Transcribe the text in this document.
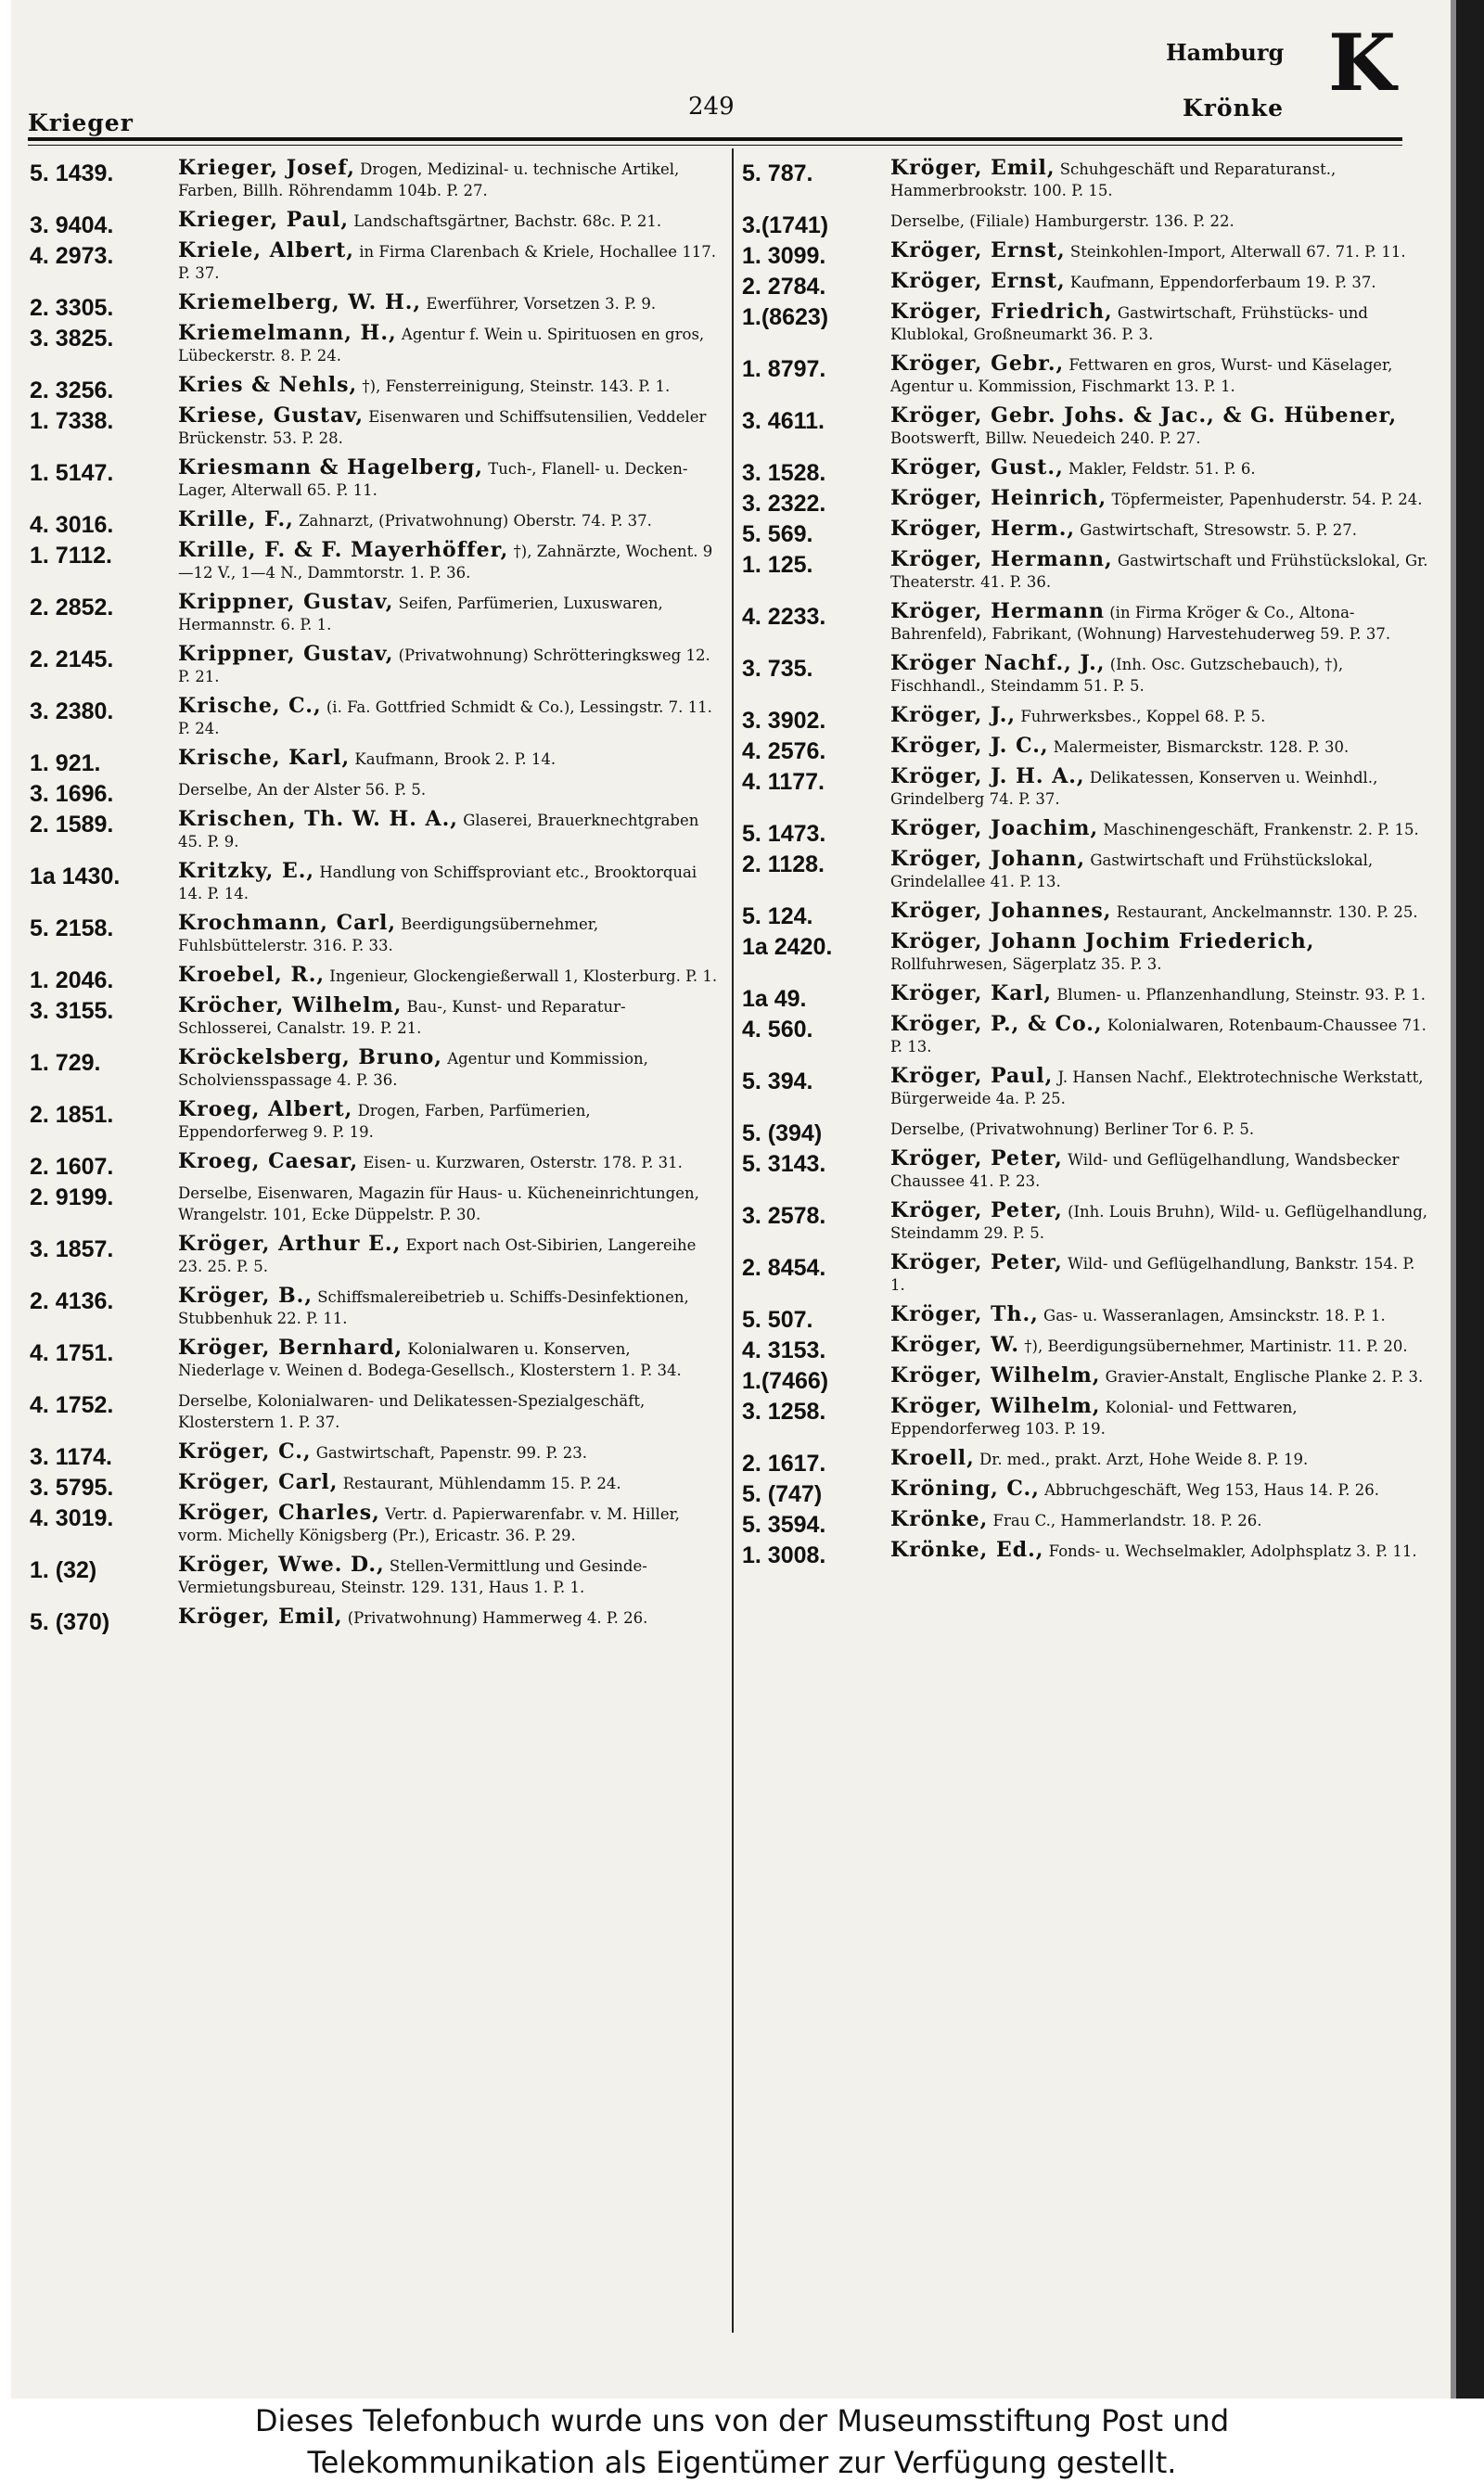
Krieger
249
Hamburg
Krönke K
5. 1439.	Krieger, Josef, Drogen, Medizinal- u. technische Artikel, Farben, Billh. Röhrendamm 104b. P. 27.
3. 9404.	Krieger, Paul, Landschaftsgärtner, Bachstr. 68c. P. 21.
4. 2973.	Kriele, Albert, in Firma Clarenbach & Kriele, Hochallee 117. P. 37.
2. 3305.	Kriemelberg, W. H., Ewerführer, Vorsetzen 3. P. 9.
3. 3825.	Kriemelmann, H., Agentur f. Wein u. Spirituosen en gros, Lübeckerstr. 8. P. 24.
2. 3256.	Kries & Nehls, †), Fensterreinigung, Steinstr. 143. P. 1.
1. 7338.	Kriese, Gustav, Eisenwaren und Schiffsutensilien, Veddeler Brückenstr. 53. P. 28.
1. 5147.	Kriesmann & Hagelberg, Tuch-, Flanell- u. Decken-Lager, Alterwall 65. P. 11.
4. 3016.	Krille, F., Zahnarzt, (Privatwohnung) Oberstr. 74. P. 37.
1. 7112.	Krille, F. & F. Mayerhöffer, †), Zahnärzte, Wochent. 9—12 V., 1—4 N., Dammtorstr. 1. P. 36.
2. 2852.	Krippner, Gustav, Seifen, Parfümerien, Luxuswaren, Hermannstr. 6. P. 1.
2. 2145.	Krippner, Gustav, (Privatwohnung) Schrötteringksweg 12. P. 21.
3. 2380.	Krische, C., (i. Fa. Gottfried Schmidt & Co.), Lessingstr. 7. 11. P. 24.
1. 921.	Krische, Karl, Kaufmann, Brook 2. P. 14.
3. 1696.	Derselbe, An der Alster 56. P. 5.
2. 1589.	Krischen, Th. W. H. A., Glaserei, Brauerknechtgraben 45. P. 9.
1a 1430.	Kritzky, E., Handlung von Schiffsproviant etc., Brooktorquai 14. P. 14.
5. 2158.	Krochmann, Carl, Beerdigungsübernehmer, Fuhlsbüttelerstr. 316. P. 33.
1. 2046.	Kroebel, R., Ingenieur, Glockengießerwall 1, Klosterburg. P. 1.
3. 3155.	Kröcher, Wilhelm, Bau-, Kunst- und Reparatur-Schlosserei, Canalstr. 19. P. 21.
1. 729.	Kröckelsberg, Bruno, Agentur und Kommission, Scholviensspassage 4. P. 36.
2. 1851.	Kroeg, Albert, Drogen, Farben, Parfümerien, Eppendorferweg 9. P. 19.
2. 1607.	Kroeg, Caesar, Eisen- u. Kurzwaren, Osterstr. 178. P. 31.
2. 9199.	Derselbe, Eisenwaren, Magazin für Haus- u. Kücheneinrichtungen, Wrangelstr. 101, Ecke Düppelstr. P. 30.
3. 1857.	Kröger, Arthur E., Export nach Ost-Sibirien, Langereihe 23. 25. P. 5.
2. 4136.	Kröger, B., Schiffsmalereibetrieb u. Schiffs-Desinfektionen, Stubbenhuk 22. P. 11.
4. 1751.	Kröger, Bernhard, Kolonialwaren u. Konserven, Niederlage v. Weinen d. Bodega-Gesellsch., Klosterstern 1. P. 34.
4. 1752.	Derselbe, Kolonialwaren- und Delikatessen-Spezialgeschäft, Klosterstern 1. P. 37.
3. 1174.	Kröger, C., Gastwirtschaft, Papenstr. 99. P. 23.
3. 5795.	Kröger, Carl, Restaurant, Mühlendamm 15. P. 24.
4. 3019.	Kröger, Charles, Vertr. d. Papierwarenfabr. v. M. Hiller, vorm. Michelly Königsberg (Pr.), Ericastr. 36. P. 29.
1. (32)	Kröger, Wwe. D., Stellen-Vermittlung und Gesinde-Vermietungsbureau, Steinstr. 129. 131, Haus 1. P. 1.
5. (370)	Kröger, Emil, (Privatwohnung) Hammerweg 4. P. 26.
5. 787.	Kröger, Emil, Schuhgeschäft und Reparaturanst., Hammerbrookstr. 100. P. 15.
3.(1741)	Derselbe, (Filiale) Hamburgerstr. 136. P. 22.
1. 3099.	Kröger, Ernst, Steinkohlen-Import, Alterwall 67. 71. P. 11.
2. 2784.	Kröger, Ernst, Kaufmann, Eppendorferbaum 19. P. 37.
1.(8623)	Kröger, Friedrich, Gastwirtschaft, Frühstücks- und Klublokal, Großneumarkt 36. P. 3.
1. 8797.	Kröger, Gebr., Fettwaren en gros, Wurst- und Käselager, Agentur u. Kommission, Fischmarkt 13. P. 1.
3. 4611.	Kröger, Gebr. Johs. & Jac., & G. Hübener, Bootswerft, Billw. Neuedeich 240. P. 27.
3. 1528.	Kröger, Gust., Makler, Feldstr. 51. P. 6.
3. 2322.	Kröger, Heinrich, Töpfermeister, Papenhuderstr. 54. P. 24.
5. 569.	Kröger, Herm., Gastwirtschaft, Stresowstr. 5. P. 27.
1. 125.	Kröger, Hermann, Gastwirtschaft und Frühstückslokal, Gr. Theaterstr. 41. P. 36.
4. 2233.	Kröger, Hermann (in Firma Kröger & Co., Altona-Bahrenfeld), Fabrikant, (Wohnung) Harvestehuderweg 59. P. 37.
3. 735.	Kröger Nachf., J., (Inh. Osc. Gutzschebauch), †), Fischhandl., Steindamm 51. P. 5.
3. 3902.	Kröger, J., Fuhrwerksbes., Koppel 68. P. 5.
4. 2576.	Kröger, J. C., Malermeister, Bismarckstr. 128. P. 30.
4. 1177.	Kröger, J. H. A., Delikatessen, Konserven u. Weinhdl., Grindelberg 74. P. 37.
5. 1473.	Kröger, Joachim, Maschinengeschäft, Frankenstr. 2. P. 15.
2. 1128.	Kröger, Johann, Gastwirtschaft und Frühstückslokal, Grindelallee 41. P. 13.
5. 124.	Kröger, Johannes, Restaurant, Anckelmannstr. 130. P. 25.
1a 2420.	Kröger, Johann Jochim Friederich, Rollfuhrwesen, Sägerplatz 35. P. 3.
1a 49.	Kröger, Karl, Blumen- u. Pflanzenhandlung, Steinstr. 93. P. 1.
4. 560.	Kröger, P., & Co., Kolonialwaren, Rotenbaum-Chaussee 71. P. 13.
5. 394.	Kröger, Paul, J. Hansen Nachf., Elektrotechnische Werkstatt, Bürgerweide 4a. P. 25.
5. (394)	Derselbe, (Privatwohnung) Berliner Tor 6. P. 5.
5. 3143.	Kröger, Peter, Wild- und Geflügelhandlung, Wandsbecker Chaussee 41. P. 23.
3. 2578.	Kröger, Peter, (Inh. Louis Bruhn), Wild- u. Geflügelhandlung, Steindamm 29. P. 5.
2. 8454.	Kröger, Peter, Wild- und Geflügelhandlung, Bankstr. 154. P. 1.
5. 507.	Kröger, Th., Gas- u. Wasseranlagen, Amsinckstr. 18. P. 1.
4. 3153.	Kröger, W. †), Beerdigungsübernehmer, Martinistr. 11. P. 20.
1.(7466)	Kröger, Wilhelm, Gravier-Anstalt, Englische Planke 2. P. 3.
3. 1258.	Kröger, Wilhelm, Kolonial- und Fettwaren, Eppendorferweg 103. P. 19.
2. 1617.	Kroell, Dr. med., prakt. Arzt, Hohe Weide 8. P. 19.
5. (747)	Kröning, C., Abbruchgeschäft, Weg 153, Haus 14. P. 26.
5. 3594.	Krönke, Frau C., Hammerlandstr. 18. P. 26.
1. 3008.	Krönke, Ed., Fonds- u. Wechselmakler, Adolphsplatz 3. P. 11.
Dieses Telefonbuch wurde uns von der Museumsstiftung Post und
Telekommunikation als Eigentümer zur Verfügung gestellt.
